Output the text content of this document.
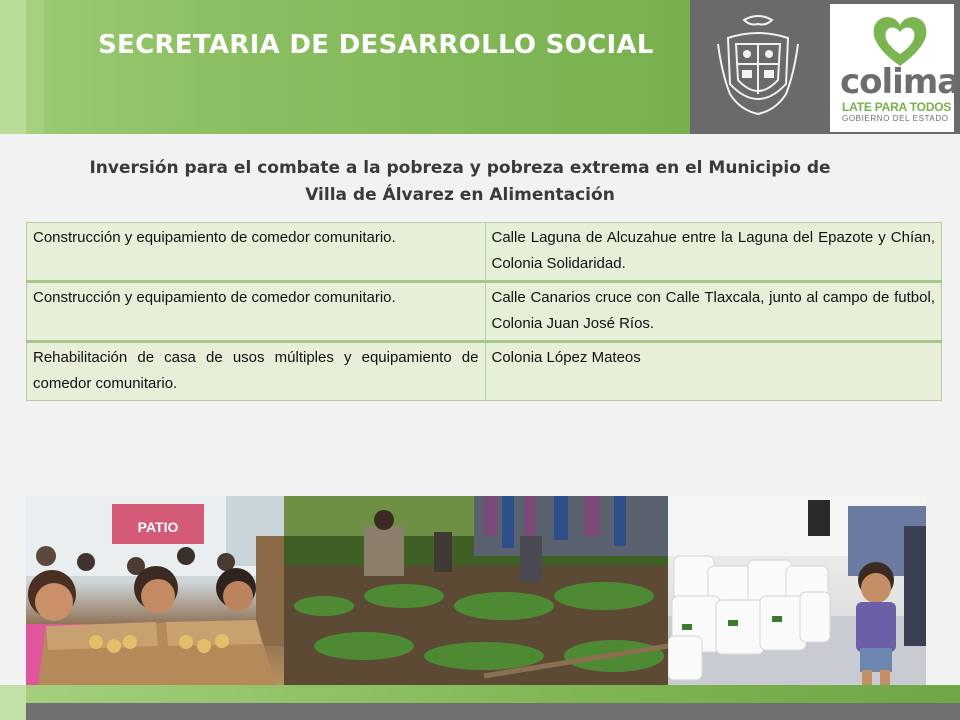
SECRETARIA DE DESARROLLO SOCIAL
colima
LATE PARA TODOS
GOBIERNO DEL ESTADO
Inversión para el combate a la pobreza y pobreza extrema en el Municipio de
Villa de Álvarez en Alimentación
Construcción y equipamiento de comedor comunitario.	Calle Laguna de Alcuzahue entre la Laguna del Epazote y Chían, Colonia Solidaridad.
Construcción y equipamiento de comedor comunitario.	Calle Canarios cruce con Calle Tlaxcala, junto al campo de futbol, Colonia Juan José Ríos.
Rehabilitación de casa de usos múltiples y equipamiento de comedor comunitario.	Colonia López Mateos
PATIO
